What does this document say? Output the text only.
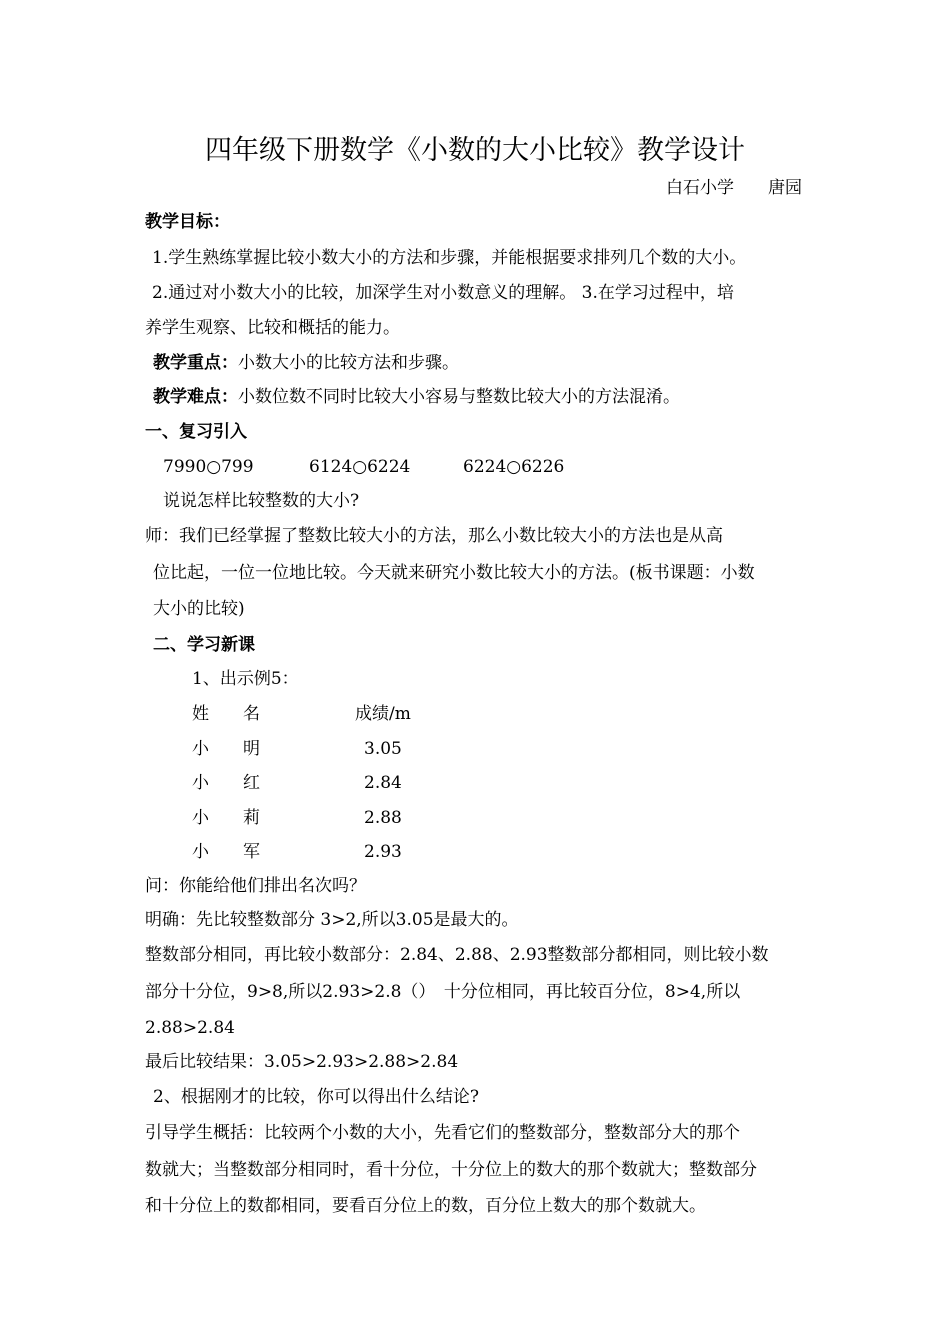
四年级下册数学《小数的大小比较》教学设计
白石小学　　唐园
教学目标：
1.学生熟练掌握比较小数大小的方法和步骤，并能根据要求排列几个数的大小。
2.通过对小数大小的比较，加深学生对小数意义的理解。 3.在学习过程中，培
养学生观察、比较和概括的能力。
教学重点：小数大小的比较方法和步骤。
教学难点：小数位数不同时比较大小容易与整数比较大小的方法混淆。
一、复习引入
7990○799	6124○6224	6224○6226
说说怎样比较整数的大小?
师：我们已经掌握了整数比较大小的方法，那么小数比较大小的方法也是从高
位比起，一位一位地比较。今天就来研究小数比较大小的方法。(板书课题：小数
大小的比较)
二、学习新课
1、出示例5：
姓　　名	成绩/m
小　　明	3.05
小　　红	2.84
小　　莉	2.88
小　　军	2.93
问：你能给他们排出名次吗？
明确：先比较整数部分 3>2,所以3.05是最大的。
整数部分相同，再比较小数部分：2.84、2.88、2.93整数部分都相同，则比较小数
部分十分位，9>8,所以2.93>2.8（）　十分位相同，再比较百分位，8>4,所以
2.88>2.84
最后比较结果：3.05>2.93>2.88>2.84
2、根据刚才的比较，你可以得出什么结论?
引导学生概括：比较两个小数的大小，先看它们的整数部分，整数部分大的那个
数就大；当整数部分相同时，看十分位，十分位上的数大的那个数就大；整数部分
和十分位上的数都相同，要看百分位上的数，百分位上数大的那个数就大。
